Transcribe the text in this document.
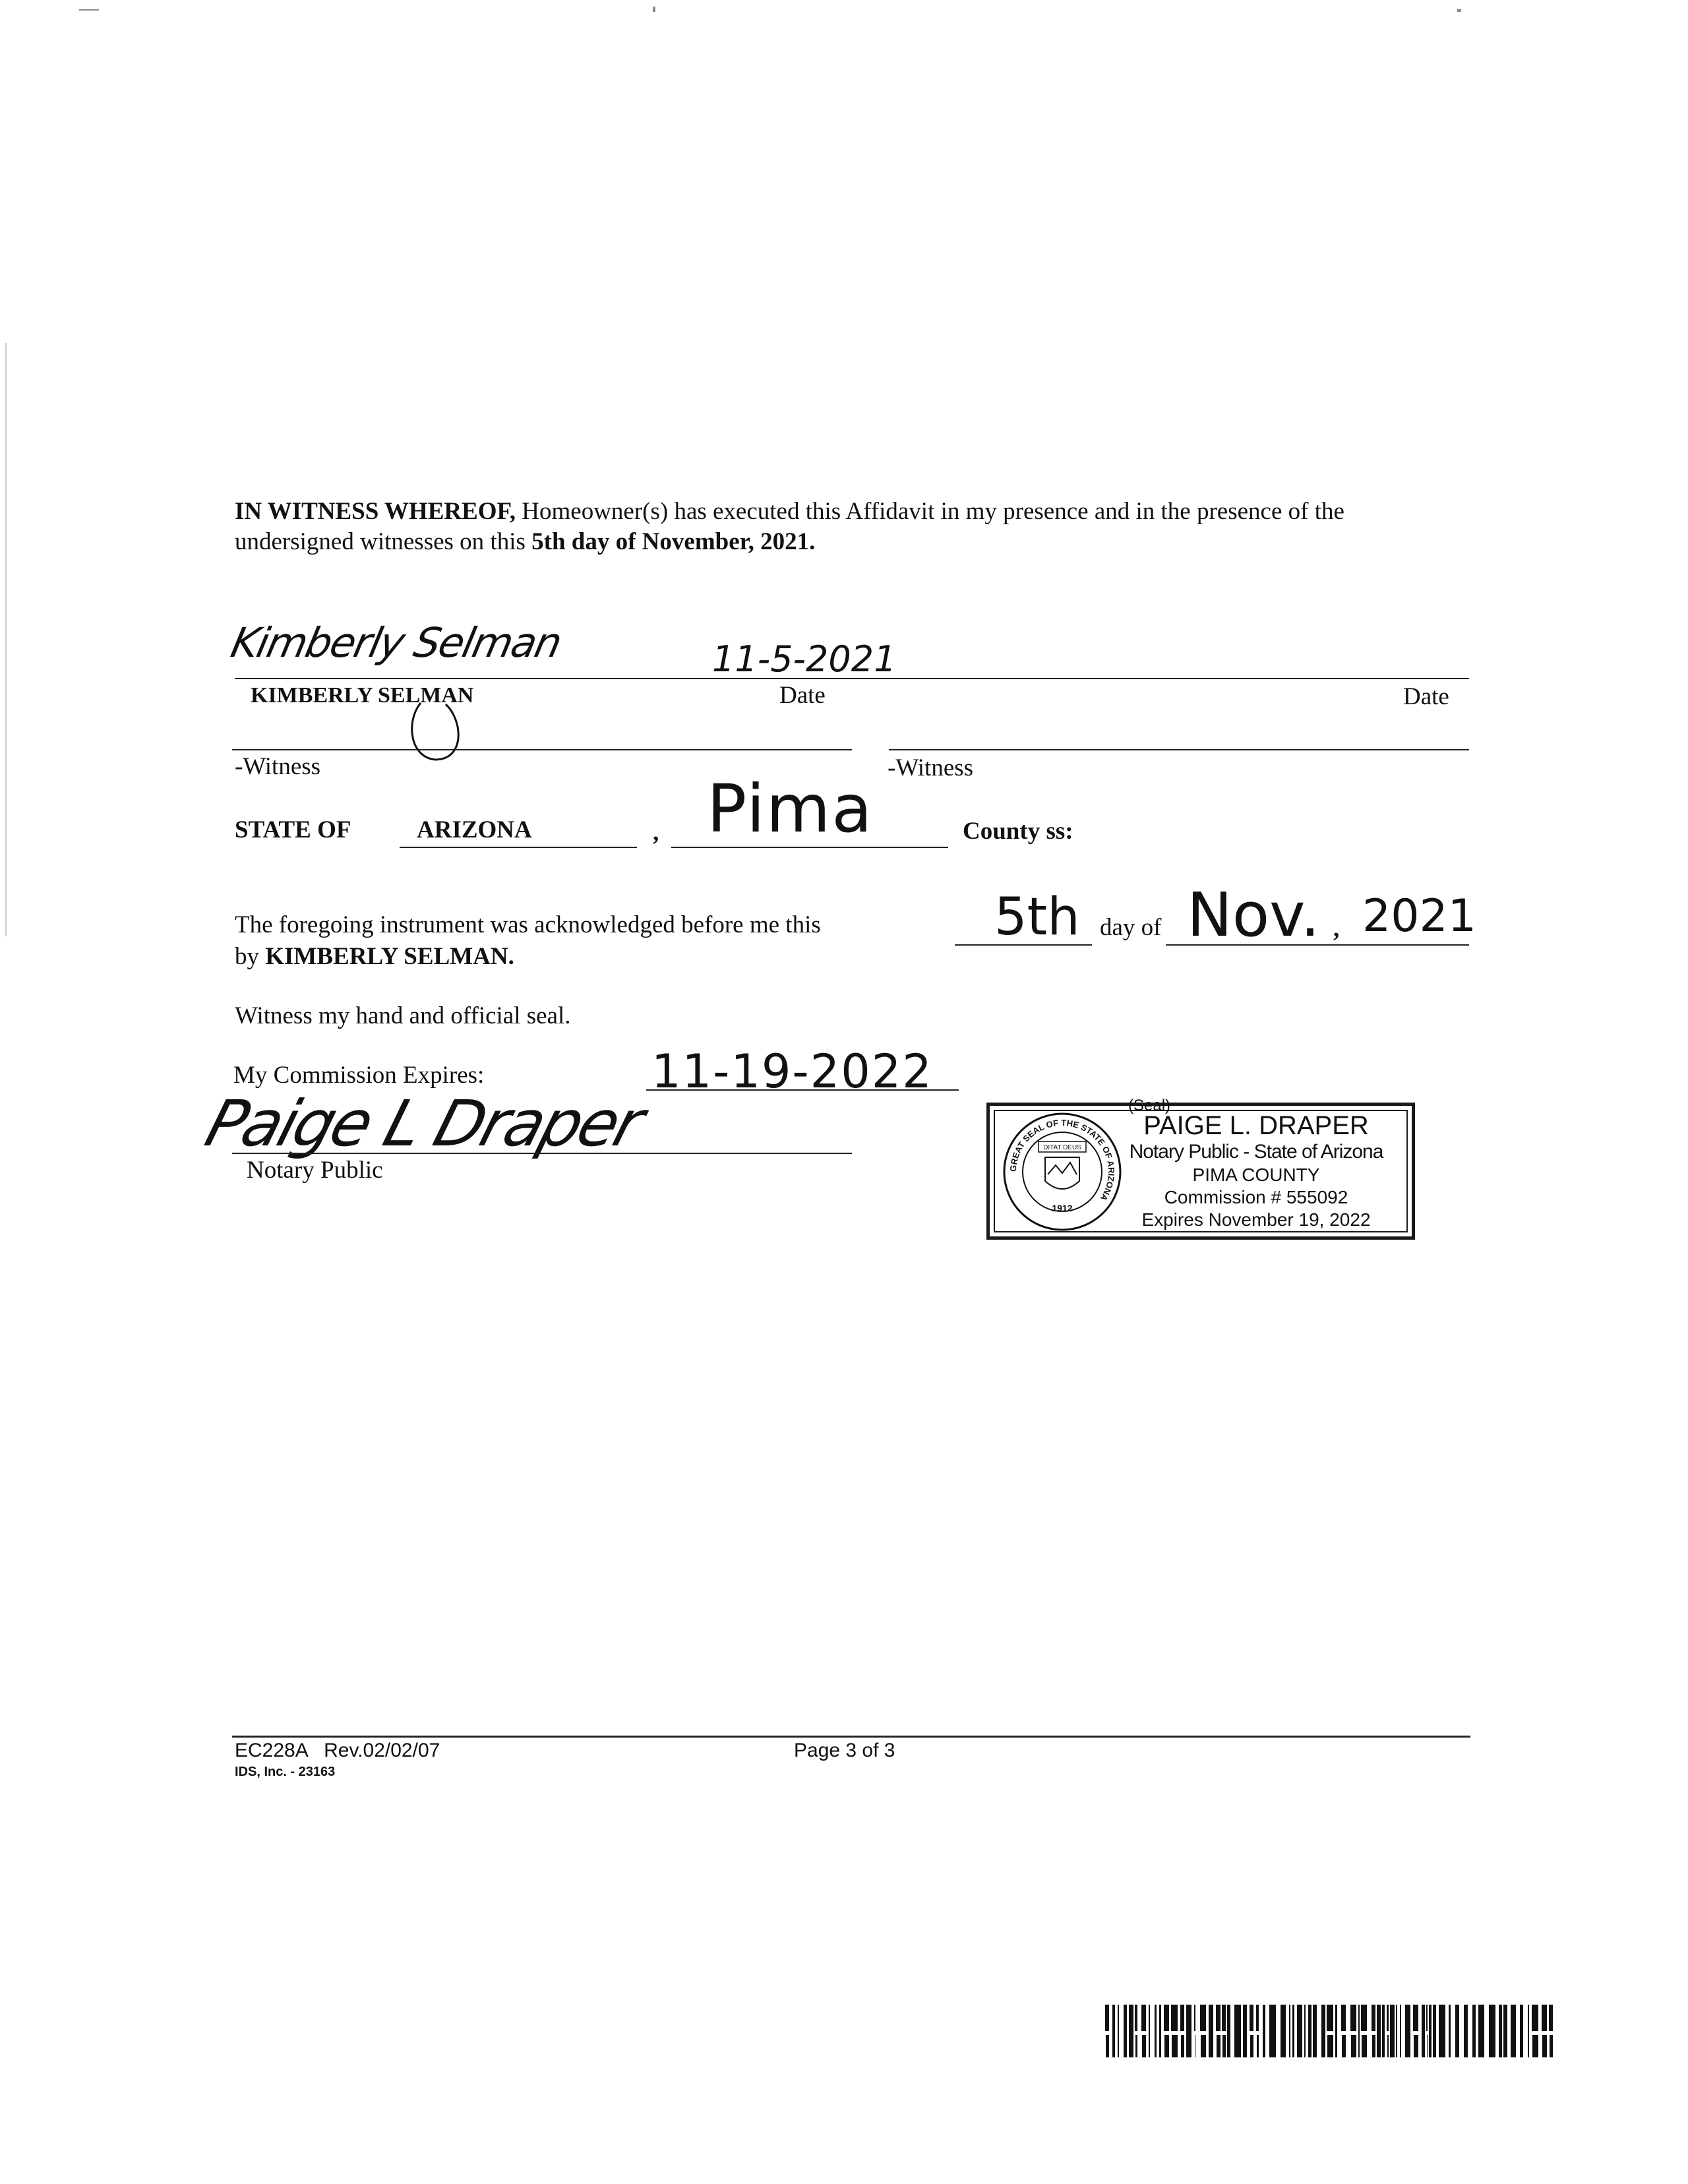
IN WITNESS WHEREOF, Homeowner(s) has executed this Affidavit in my presence and in the presence of the
undersigned witnesses on this 5th day of November, 2021.
Kimberly Selman	11-5-2021
KIMBERLY SELMAN	Date	Date
-Witness	-Witness
STATE OF	ARIZONA	, Pima	County ss:
The foregoing instrument was acknowledged before me this
by KIMBERLY SELMAN.
5th day of Nov. , 2021
Witness my hand and official seal.
My Commission Expires:	11-19-2022
Paige L Draper
Notary Public	GREAT SEAL OF THE STATE OF ARIZONA
DITAT DEUS
1912
(Seal)
PAIGE L. DRAPER
Notary Public - State of Arizona
PIMA COUNTY
Commission # 555092
Expires November 19, 2022
EC228A   Rev.02/02/07
IDS, Inc. - 23163
Page 3 of 3
